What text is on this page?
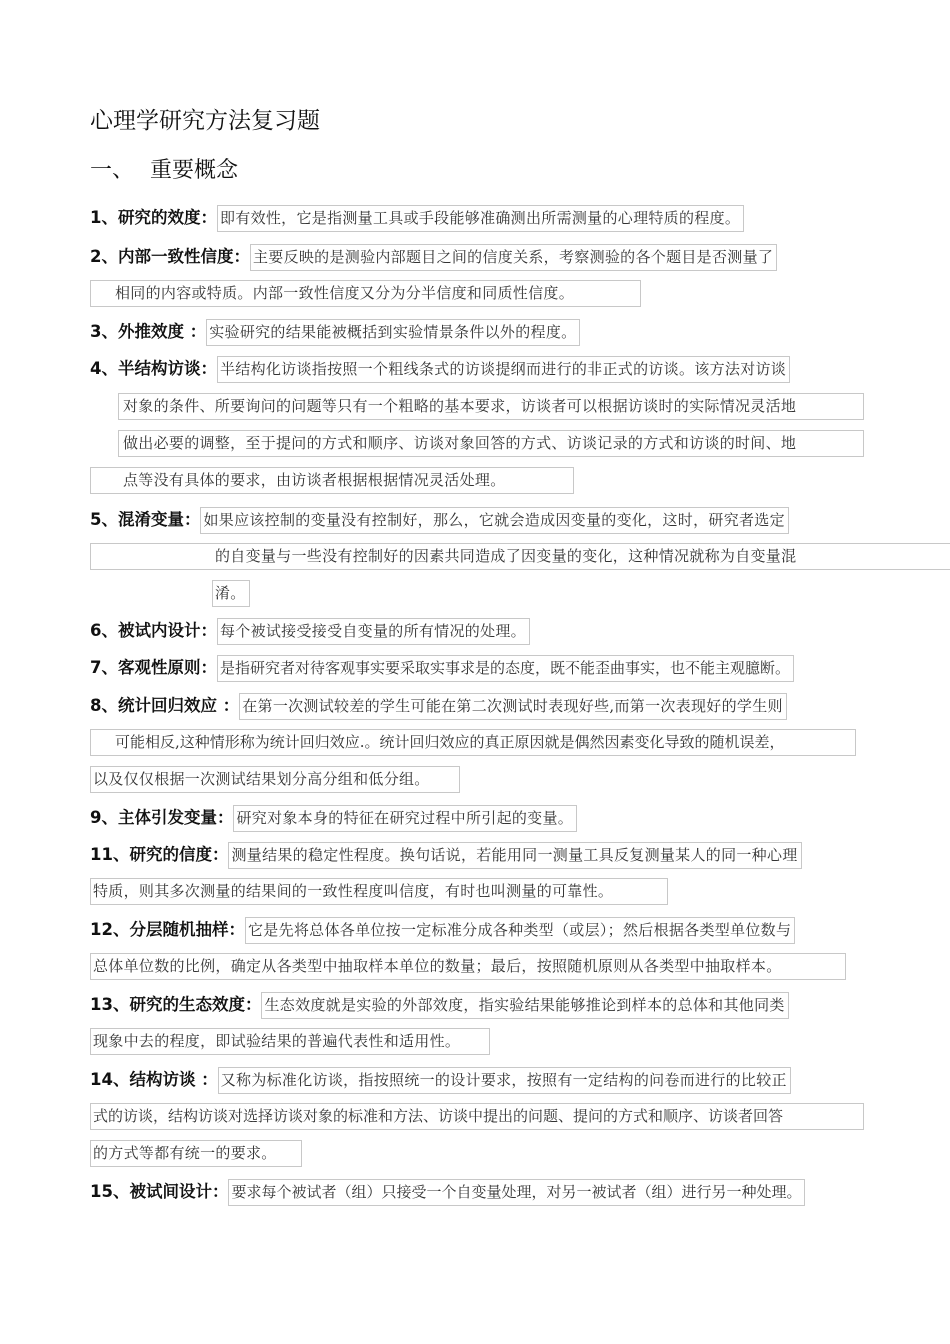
心理学研究方法复习题
一、 重要概念
1、研究的效度： 即有效性，它是指测量工具或手段能够准确测出所需测量的心理特质的程度。
2、内部一致性信度： 主要反映的是测验内部题目之间的信度关系，考察测验的各个题目是否测量了
相同的内容或特质。内部一致性信度又分为分半信度和同质性信度。
3、外推效度 ： 实验研究的结果能被概括到实验情景条件以外的程度。
4、半结构访谈： 半结构化访谈指按照一个粗线条式的访谈提纲而进行的非正式的访谈。该方法对访谈
对象的条件、所要询问的问题等只有一个粗略的基本要求，访谈者可以根据访谈时的实际情况灵活地
做出必要的调整，至于提问的方式和顺序、访谈对象回答的方式、访谈记录的方式和访谈的时间、地
点等没有具体的要求，由访谈者根据根据情况灵活处理。
5、混淆变量： 如果应该控制的变量没有控制好，那么，它就会造成因变量的变化，这时，研究者选定
的自变量与一些没有控制好的因素共同造成了因变量的变化，这种情况就称为自变量混
淆。
6、被试内设计： 每个被试接受接受自变量的所有情况的处理。
7、客观性原则： 是指研究者对待客观事实要采取实事求是的态度，既不能歪曲事实，也不能主观臆断。
8、统计回归效应 ： 在第一次测试较差的学生可能在第二次测试时表现好些,而第一次表现好的学生则
可能相反,这种情形称为统计回归效应.。统计回归效应的真正原因就是偶然因素变化导致的随机误差，
以及仅仅根据一次测试结果划分高分组和低分组。
9、主体引发变量： 研究对象本身的特征在研究过程中所引起的变量。
11、研究的信度： 测量结果的稳定性程度。换句话说，若能用同一测量工具反复测量某人的同一种心理
特质，则其多次测量的结果间的一致性程度叫信度，有时也叫测量的可靠性。
12、分层随机抽样： 它是先将总体各单位按一定标准分成各种类型（或层）；然后根据各类型单位数与
总体单位数的比例，确定从各类型中抽取样本单位的数量；最后，按照随机原则从各类型中抽取样本。
13、研究的生态效度： 生态效度就是实验的外部效度，指实验结果能够推论到样本的总体和其他同类
现象中去的程度，即试验结果的普遍代表性和适用性。
14、结构访谈 ： 又称为标准化访谈，指按照统一的设计要求，按照有一定结构的问卷而进行的比较正
式的访谈，结构访谈对选择访谈对象的标准和方法、访谈中提出的问题、提问的方式和顺序、访谈者回答
的方式等都有统一的要求。
15、被试间设计： 要求每个被试者（组）只接受一个自变量处理，对另一被试者（组）进行另一种处理。
